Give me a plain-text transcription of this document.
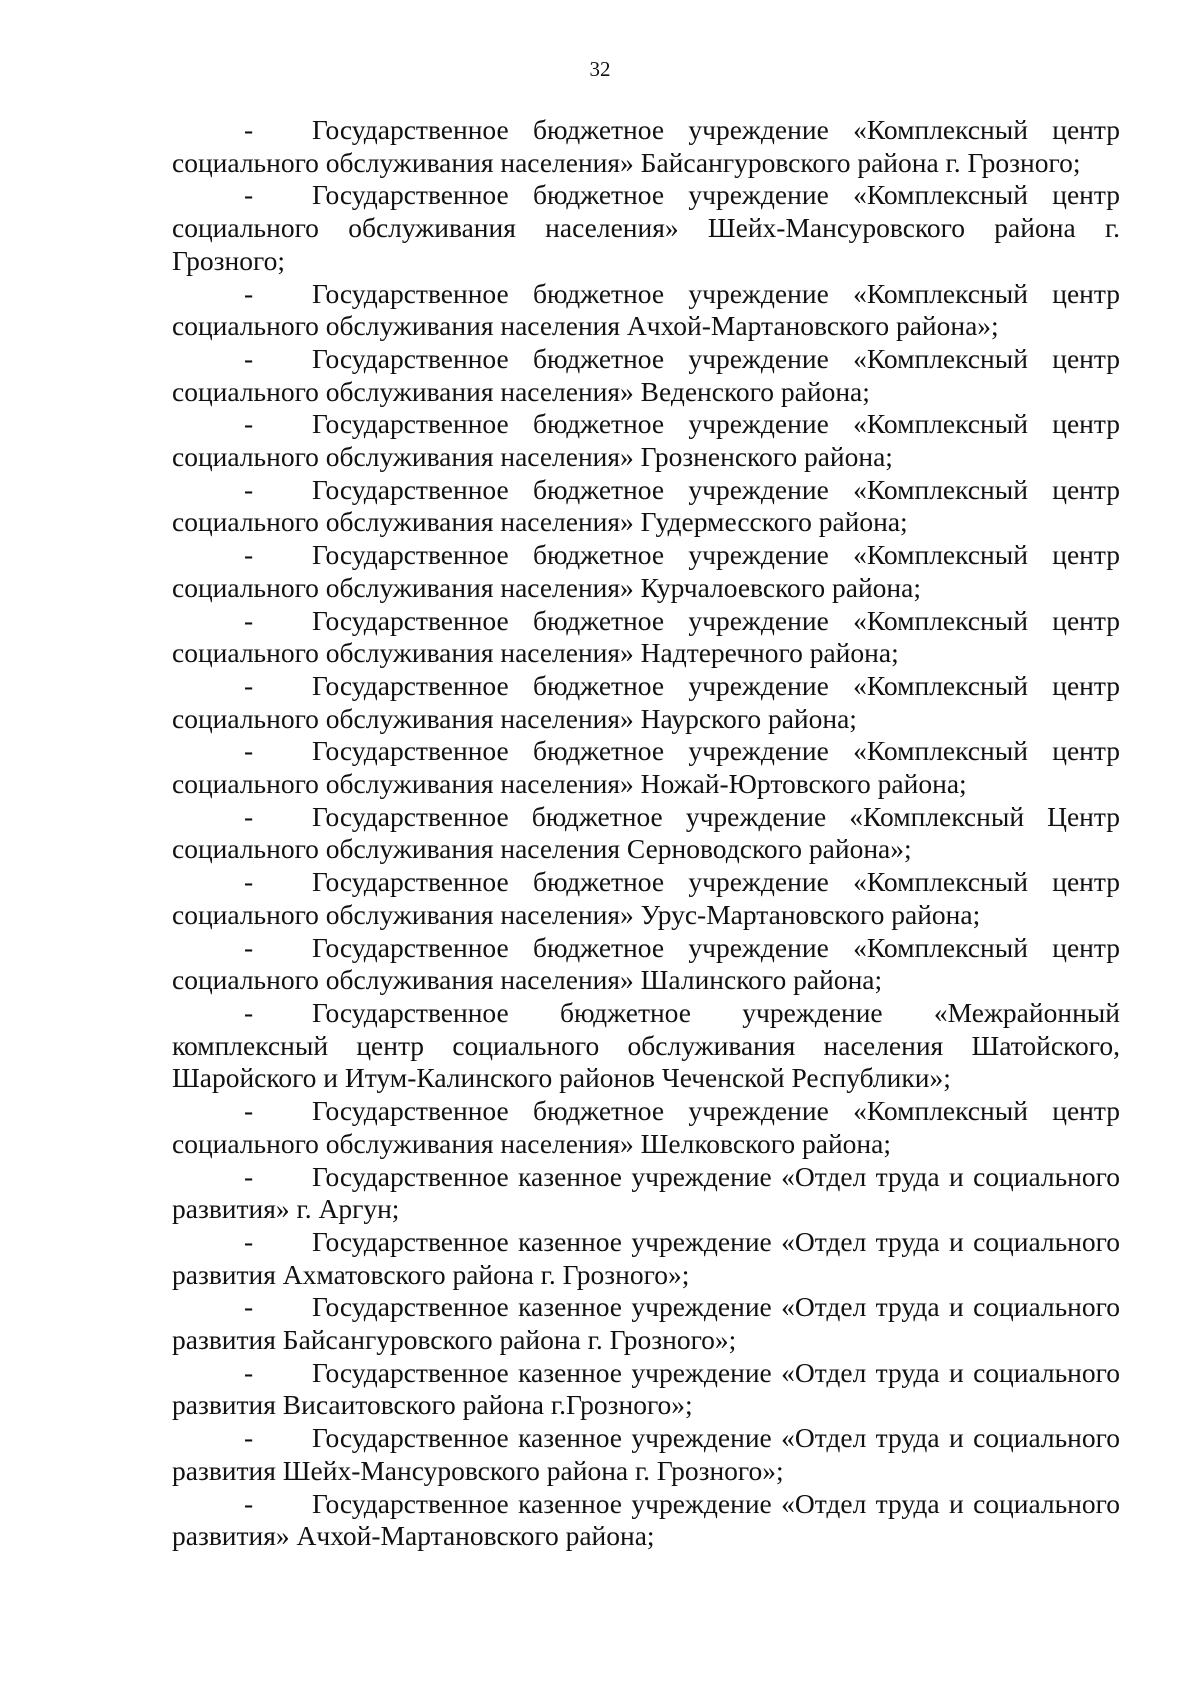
32

- Государственное бюджетное учреждение «Комплексный центр социального обслуживания населения» Байсангуровского района г. Грозного;

- Государственное бюджетное учреждение «Комплексный центр социального обслуживания населения» Шейх-Мансуровского района г. Грозного;

- Государственное бюджетное учреждение «Комплексный центр социального обслуживания населения Ачхой-Мартановского района»;

- Государственное бюджетное учреждение «Комплексный центр социального обслуживания населения» Веденского района;

- Государственное бюджетное учреждение «Комплексный центр социального обслуживания населения» Грозненского района;

- Государственное бюджетное учреждение «Комплексный центр социального обслуживания населения» Гудермесского района;

- Государственное бюджетное учреждение «Комплексный центр социального обслуживания населения» Курчалоевского района;

- Государственное бюджетное учреждение «Комплексный центр социального обслуживания населения» Надтеречного района;

- Государственное бюджетное учреждение «Комплексный центр социального обслуживания населения» Наурского района;

- Государственное бюджетное учреждение «Комплексный центр социального обслуживания населения» Ножай-Юртовского района;

- Государственное бюджетное учреждение «Комплексный Центр социального обслуживания населения Серноводского района»;

- Государственное бюджетное учреждение «Комплексный центр социального обслуживания населения» Урус-Мартановского района;

- Государственное бюджетное учреждение «Комплексный центр социального обслуживания населения» Шалинского района;

- Государственное бюджетное учреждение «Межрайонный комплексный центр социального обслуживания населения Шатойского, Шаройского и Итум-Калинского районов Чеченской Республики»;

- Государственное бюджетное учреждение «Комплексный центр социального обслуживания населения» Шелковского района;

- Государственное казенное учреждение «Отдел труда и социального развития» г. Аргун;

- Государственное казенное учреждение «Отдел труда и социального развития Ахматовского района г. Грозного»;

- Государственное казенное учреждение «Отдел труда и социального развития Байсангуровского района г. Грозного»;

- Государственное казенное учреждение «Отдел труда и социального развития Висаитовского района г.Грозного»;

- Государственное казенное учреждение «Отдел труда и социального развития Шейх-Мансуровского района г. Грозного»;

- Государственное казенное учреждение «Отдел труда и социального развития» Ачхой-Мартановского района;
